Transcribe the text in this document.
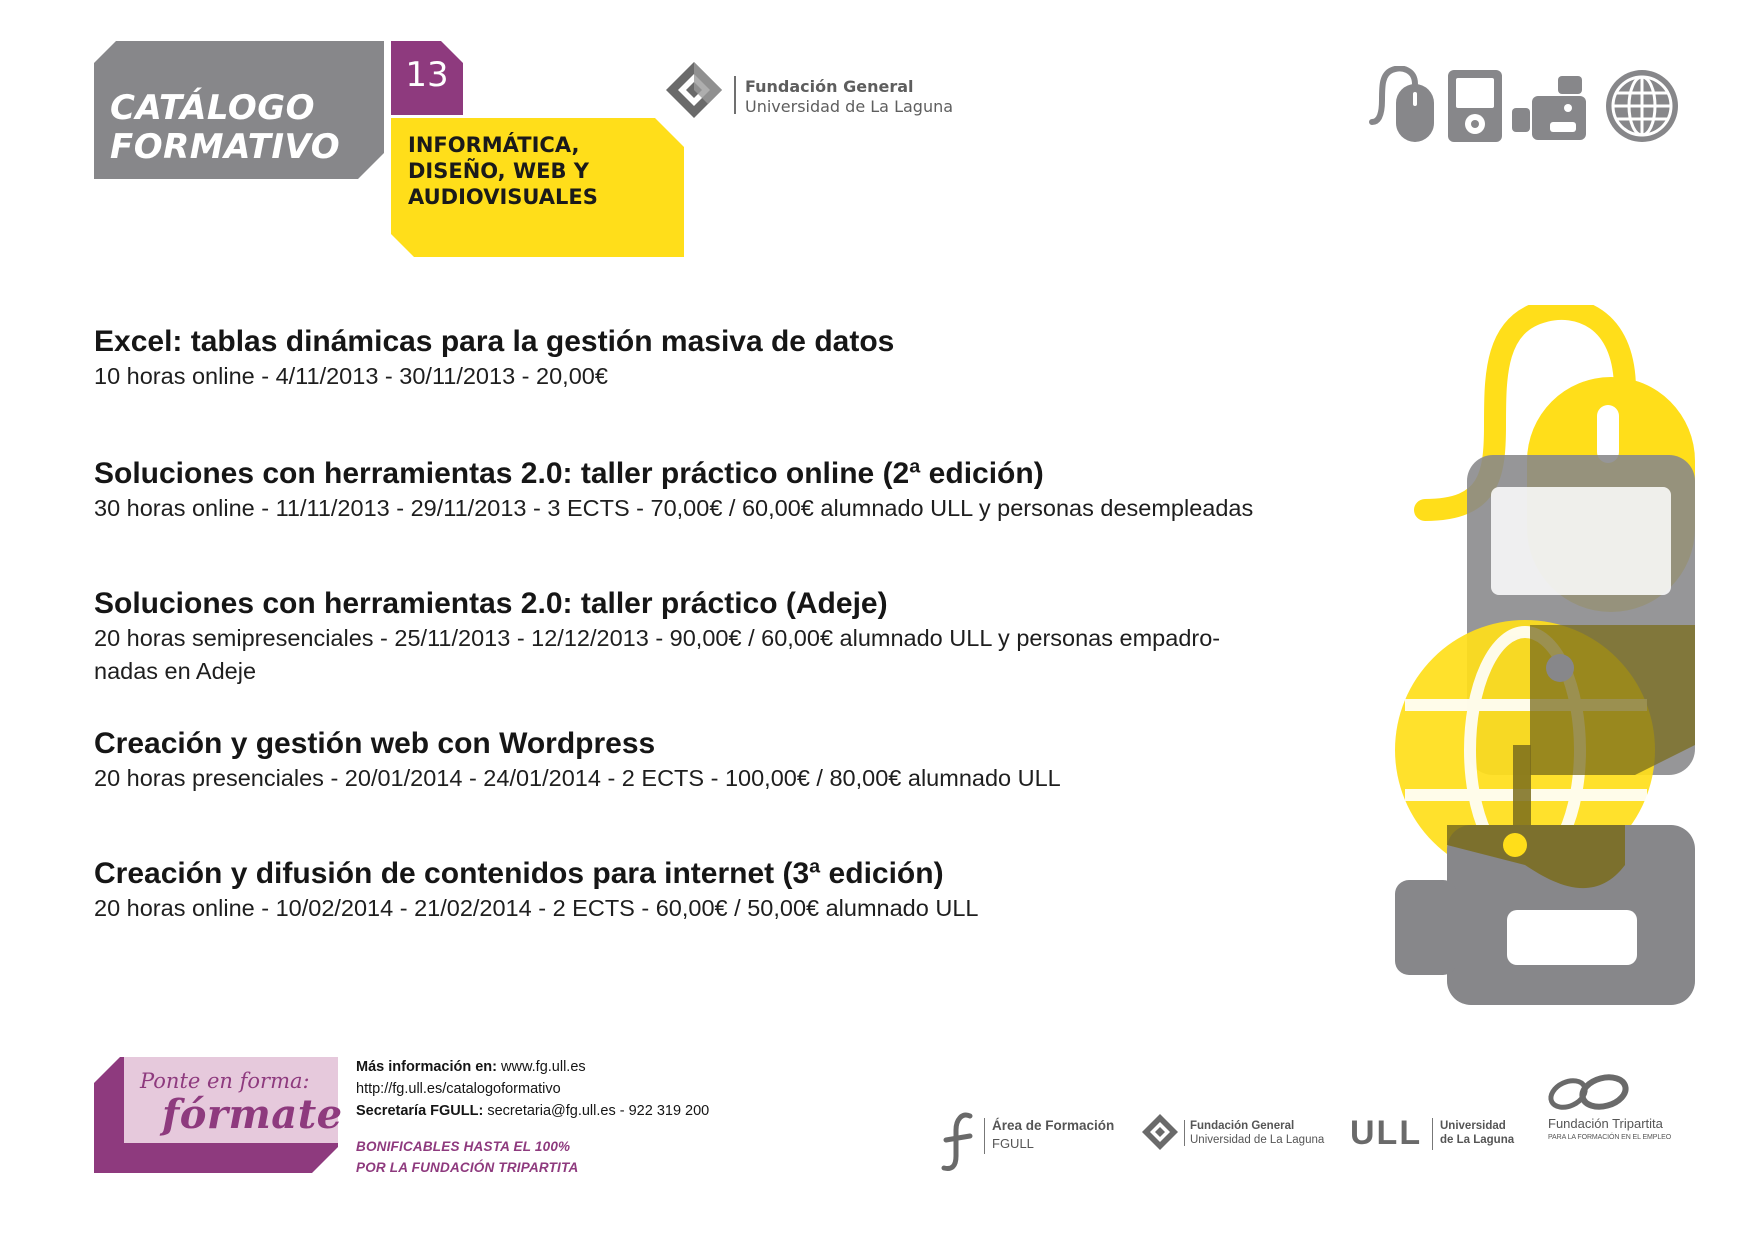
CATÁLOGO
FORMATIVO
13
INFORMÁTICA,
DISEÑO, WEB Y
AUDIOVISUALES
Fundación General
Universidad de La Laguna
Excel: tablas dinámicas para la gestión masiva de datos
10 horas online - 4/11/2013 - 30/11/2013 - 20,00€
Soluciones con herramientas 2.0: taller práctico online (2ª edición)
30 horas online - 11/11/2013 - 29/11/2013 - 3 ECTS - 70,00€ / 60,00€ alumnado ULL y personas desempleadas
Soluciones con herramientas 2.0: taller práctico (Adeje)
20 horas semipresenciales - 25/11/2013 - 12/12/2013 - 90,00€ / 60,00€ alumnado ULL y personas empadro-
nadas en Adeje
Creación y gestión web con Wordpress
20 horas presenciales - 20/01/2014 - 24/01/2014 - 2 ECTS - 100,00€ / 80,00€ alumnado ULL
Creación y difusión de contenidos para internet (3ª edición)
20 horas online - 10/02/2014 - 21/02/2014 - 2 ECTS - 60,00€ / 50,00€ alumnado ULL
Ponte en forma:
fórmate
Más información en: www.fg.ull.es
http://fg.ull.es/catalogoformativo
Secretaría FGULL: secretaria@fg.ull.es - 922 319 200
BONIFICABLES HASTA EL 100%
POR LA FUNDACIÓN TRIPARTITA
Área de Formación
FGULL
Fundación General
Universidad de La Laguna ULL Universidad
de La Laguna
Fundación Tripartita
PARA LA FORMACIÓN EN EL EMPLEO
